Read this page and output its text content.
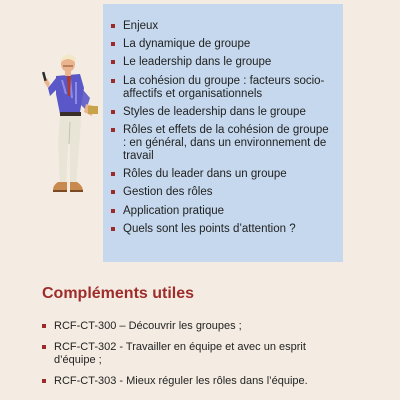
Enjeux
La dynamique de groupe
Le leadership dans le groupe
La cohésion du groupe : facteurs socio-affectifs et organisationnels
Styles de leadership dans le groupe
Rôles et effets de la cohésion de groupe : en général, dans un environnement de travail
Rôles du leader dans un groupe
Gestion des rôles
Application pratique
Quels sont les points d’attention ?
Compléments utiles
RCF-CT-300 – Découvrir les groupes ;
RCF-CT-302 - Travailler en équipe et avec un esprit d’équipe ;
RCF-CT-303 - Mieux réguler les rôles dans l’équipe.
